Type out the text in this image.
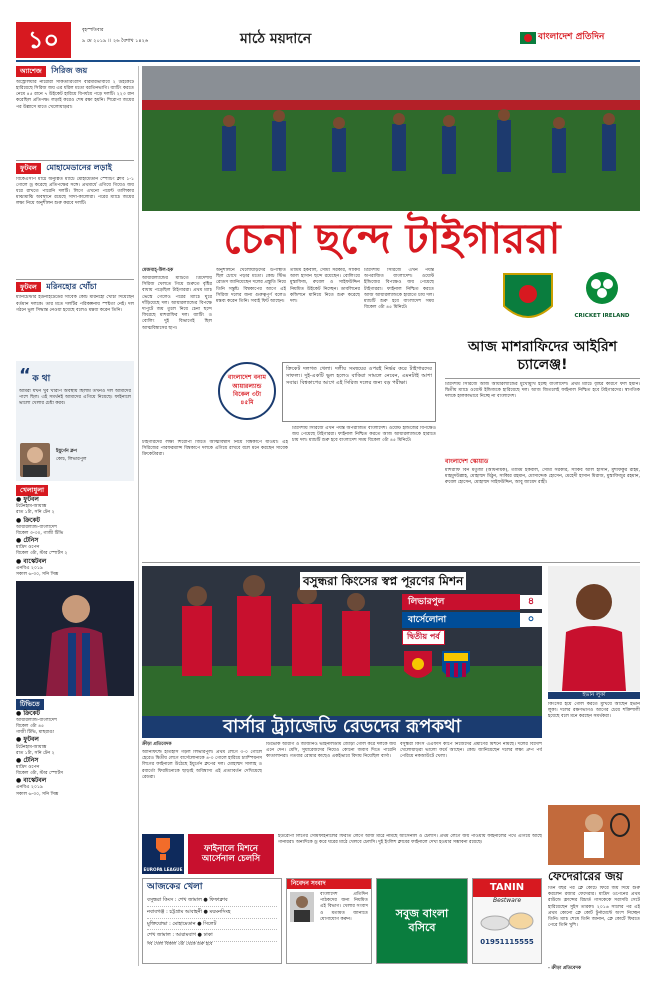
১০	বৃহস্পতিবার
৯ মে ২০১৯ ।। ২৬ বৈশাখ ১৪২৬	মাঠে ময়দানে	বাংলাদেশ প্রতিদিন
অ্যাশেজ সিরিজ জয়
অস্ট্রেলিয়ার নারোরা সাকতারিংরাস বারমারভাবাবে ২ উইকেটে হারিয়েছে সিরিজ জয় এর ধরিল মতো বরতিনভাগি। ব্যাটিং করতে নেমে ৪৫ রানে ৭ উইকেট হারিয়ে বিপর্যয়ে পড়ে দলটি। ২২৩ রান করেছিল প্রতিপক্ষ। লড়াই করেও শেষ রক্ষা হয়নি। শিরোপা জয়ের পর উল্লাসে মাতে খেলোয়াড়রা।
ফুটবল মোহামেডানের লড়াই
বিকেএসপি মাঠে অনুষ্ঠিত ম্যাচে মোহামেডান স্পোর্টিং ক্লাব ১-১ গোলে ড্র করেছে প্রতিপক্ষের সঙ্গে। প্রথমার্ধে এগিয়ে গিয়েও জয় ধরে রাখতে পারেনি দলটি। লিগে এখনো পয়েন্ট তালিকার মাঝামাঝি অবস্থানে রয়েছে সাদা-কালোরা। পরের ম্যাচে জয়ের লক্ষ্য নিয়ে অনুশীলন শুরু করবে দলটি।
ফুটবল মরিনহোর খোঁচা
ম্যানচেস্টার ইউনাইটেডের সাবেক কোচ মরিনহো খোঁচা দিয়েছেন বর্তমান দলকে। তার মতে দলটির পরিকল্পনায় স্পষ্টতা নেই। দল গঠনে ভুল সিদ্ধান্ত নেওয়া হয়েছে বলেও মন্তব্য করেন তিনি।
“ ক থা
আমরা যখন খুব খারাপ অবস্থায় ছিলাম তখনও দল আমাদের পাশে ছিল। এই সমর্থনই আমাদের এগিয়ে নিয়েছে। ফাইনালে ভালো খেলার চেষ্টা করব।
ইয়ুর্গেন ক্লপ
কোচ, লিভারপুল
খেলাধুলা
● ফুটবল
টটেনহাম-আয়াক্স
রাত ১টা, সনি টেন ২
● ক্রিকেট
আয়ারল্যান্ড-বাংলাদেশ
বিকেল ৩-৩০, গাজী টিভি
● টেনিস
মাদ্রিদ ওপেন
বিকেল ৩টা, স্টার স্পোর্টস ২
● বাস্কেটবল
এনবিএ ২০১৯
সকাল ৬-৩০, সনি সিক্স
টিভিতে
● ক্রিকেট
আয়ারল্যান্ড-বাংলাদেশ
বিকেল ৩টা ৪৫
গাজী টিভি, মাছরাঙা
● ফুটবল
টটেনহাম-আয়াক্স
রাত ১টা, সনি টেন ২
● টেনিস
মাদ্রিদ ওপেন
বিকেল ৩টা, স্টার স্পোর্টস
● বাস্কেটবল
এনবিএ ২০১৯
সকাল ৬-৩০, সনি সিক্স
চেনা ছন্দে টাইগাররা
মেজবাহ্-উল-হক
আয়ারল্যান্ডের মাটিতে ত্রিদেশীয় সিরিজ খেলতে গিয়ে শুরুতে বৃষ্টির বাধায় পড়েছিল টাইগাররা। প্রথম ম্যাচ ভেস্তে গেলেও পরের ম্যাচে ঘুরে দাঁড়িয়েছে দল। আয়ারল্যান্ডের বিপক্ষে দাপুটে জয় তুলে নিয়ে চেনা ছন্দে ফিরেছে মাশরাফির দল। ব্যাটিং ও বোলিং দুই বিভাগেই ছিল আত্মবিশ্বাসের ছাপ।
অনুশীলনে খেলোয়াড়দের উপস্থিতি ছিল চোখে পড়ার মতো। কোচ স্টিভ রোডস জানিয়েছেন দলের প্রস্তুতি নিয়ে তিনি সন্তুষ্ট। বিশ্বকাপের আগে এই সিরিজ দলের জন্য গুরুত্বপূর্ণ বলেও মন্তব্য করেন তিনি। সবাই ফিট আছেন।
তামিম ইকবাল, সৌম্য সরকার, সাকিব আল হাসান ছন্দে রয়েছেন। বোলিংয়ে মুস্তাফিজ, রুবেল ও সাইফউদ্দিন নিয়মিত উইকেট নিচ্ছেন। ডাবলিনের কন্ডিশনে মানিয়ে নিতে শুরু করেছে দল।
ত্রিদেশীয় সিরিজে এখন পর্যন্ত অপরাজিত বাংলাদেশ। ওয়েস্ট ইন্ডিজের বিপক্ষেও জয় পেয়েছে টাইগাররা। ফাইনাল নিশ্চিত করতে আজ আয়ারল্যান্ডকে হারাতে চায় দল। ম্যাচটি শুরু হবে বাংলাদেশ সময় বিকেল ৩টা ৪৫ মিনিটে।
বাংলাদেশ বনাম আয়ারল্যান্ড বিকেল ৩টা ৪৫মি
ক্রিকেট দলগত খেলা। দলীয় সমন্বয়ের ওপরই নির্ভর করে টাইগারদের সাফল্য। দুই-একটি ভুল হলেও বাকিরা সামলে নেবেন, এমনটাই আশা সবার। বিশ্বকাপের আগে এই সিরিজ দলের জন্য বড় পরীক্ষা।
টাইগারদের লক্ষ্য শিরোপা জিতে আত্মবিশ্বাস নিয়ে বিশ্বকাপে যাওয়া। এই সিরিজের পারফরম্যান্স বিশ্বকাপে দলকে এগিয়ে রাখবে বলে মনে করছেন সাবেক ক্রিকেটাররা।
ত্রিদেশীয় সিরিজে এখন পর্যন্ত অপরাজিত বাংলাদেশ। ওয়েস্ট ইন্ডিজের বিপক্ষেও জয় পেয়েছে টাইগাররা। ফাইনাল নিশ্চিত করতে আজ আয়ারল্যান্ডকে হারাতে চায় দল। ম্যাচটি শুরু হবে বাংলাদেশ সময় বিকেল ৩টা ৪৫ মিনিটে।
CRICKET IRELAND
আজ মাশরাফিদের আইরিশ চ্যালেঞ্জ!
ত্রিদেশীয় সিরিজে আজ আয়ারল্যান্ডের মুখোমুখি হচ্ছে বাংলাদেশ। প্রথম ম্যাচে বৃষ্টির কারণে ফল হয়নি। দ্বিতীয় ম্যাচে ওয়েস্ট ইন্ডিজকে হারিয়েছে দল। আজ জিতলেই ফাইনাল নিশ্চিত হবে টাইগারদের। স্বাগতিক দলকে হালকাভাবে নিচ্ছে না বাংলাদেশ।
বাংলাদেশ স্কোয়াড
মাশরাফি বিন মর্তুজা (অধিনায়ক), তামিম ইকবাল, সৌম্য সরকার, সাকিব আল হাসান, মুশফিকুর রহিম, মাহমুদউল্লাহ, মোহাম্মদ মিঠুন, সাব্বির রহমান, মোসাদ্দেক হোসেন, মেহেদী হাসান মিরাজ, মুস্তাফিজুর রহমান, রুবেল হোসেন, মোহাম্মদ সাইফউদ্দিন, আবু জায়েদ রাহী।
বসুন্ধরা কিংসের স্বপ্ন পূরণের মিশন
লিভারপুল	৪
বার্সেলোনা	০
দ্বিতীয় পর্ব
ইভান লুকা
বার্সার ট্র্যাজেডি রেডদের রূপকথা
ক্রীড়া প্রতিবেদক
অ্যানফিল্ডে ইতিহাস গড়ল লিভারপুল। প্রথম লেগে ৩-০ গোলে হেরেও দ্বিতীয় লেগে বার্সেলোনাকে ৪-০ গোলে হারিয়ে চ্যাম্পিয়নস লিগের ফাইনালে উঠেছে ইয়ুর্গেন ক্লপের দল। মোহাম্মদ সালাহ ও রবার্তো ফিরমিনোকে ছাড়াই অবিশ্বাস্য এই প্রত্যাবর্তন দেখিয়েছে রেডরা।
ডিভোক অরিগি ও জর্জিনিও ভাইনালডাম জোড়া গোল করে দলকে জয় এনে দেন। মেসি, সুয়ারেজদের নিয়েও কোনো জবাব দিতে পারেনি কাতালানরা। গতবার রোমার কাছেও একইভাবে বিদায় নিয়েছিল বার্সা।
বসুন্ধরা কিংস এএফসি কাপে নিজেদের প্রমাণের মিশনে নামছে। দলের বিদেশি খেলোয়াড়রা ভালো ফর্মে আছেন। কোচ জানিয়েছেন দলের লক্ষ্য গ্রুপ পর্ব পেরিয়ে নকআউটে খেলা।
কিংসের হয়ে গোল করতে মুখিয়ে আছেন ইভান লুকা। দলের রক্ষণভাগও আগের চেয়ে শক্তিশালী হয়েছে বলে মনে করছেন সমর্থকরা।
ফেদেরারের জয়
তিন বছর পর ক্লে কোর্টে ফিরে জয় দিয়ে শুরু করলেন রজার ফেদেরার। মাদ্রিদ ওপেনের প্রথম রাউন্ডে ফ্রান্সের রিচার্ড গাসকেকে সরাসরি সেটে হারিয়েছেন সুইস তারকা। ২০১৬ সালের পর এই প্রথম কোনো ক্লে কোর্ট টুর্নামেন্টে অংশ নিচ্ছেন তিনি। ম্যাচ শেষে তিনি জানান, ক্লে কোর্টে ফিরতে পেরে তিনি খুশি।
- ক্রীড়া প্রতিবেদক
EUROPA LEAGUE
ফাইনালে মিশনে আর্সেনাল চেলসি
ইউরোপা লিগের সেমিফাইনালের ফিরতি লেগে আজ মাঠে নামছে আর্সেনাল ও চেলসি। প্রথম লেগে জয় পাওয়ায় ফাইনালের পথে এগিয়ে আছে গানাররা। অন্যদিকে ড্র করে ঘরের মাঠে খেলবে চেলসি। দুই ইংলিশ ক্লাবের ফাইনালে দেখা হওয়ার সম্ভাবনা রয়েছে।
আজকের খেলা
বসুন্ধরা কিংস : শেখ জামাল ● ফিফাক্লাব
নবাবগঞ্জ : চট্টগ্রাম আবাহনী ● ময়মনসিংহ
মুক্তিযোদ্ধা : মোহামেডান ● সিলেট
শেখ জামাল : আরামবাগ ● ঢাকা
সব খেলা বিকাল ৩টা থেকে শুরু হবে
নিবেদন সংবাদ
বাংলাদেশ প্রতিদিন পাঠকদের জন্য নিয়মিত এই বিভাগ। খেলার সংবাদ ও মতামত জানাতে যোগাযোগ করুন।	সবুজ বাংলা বসিবে
TANIN
Bestware
01951115555
